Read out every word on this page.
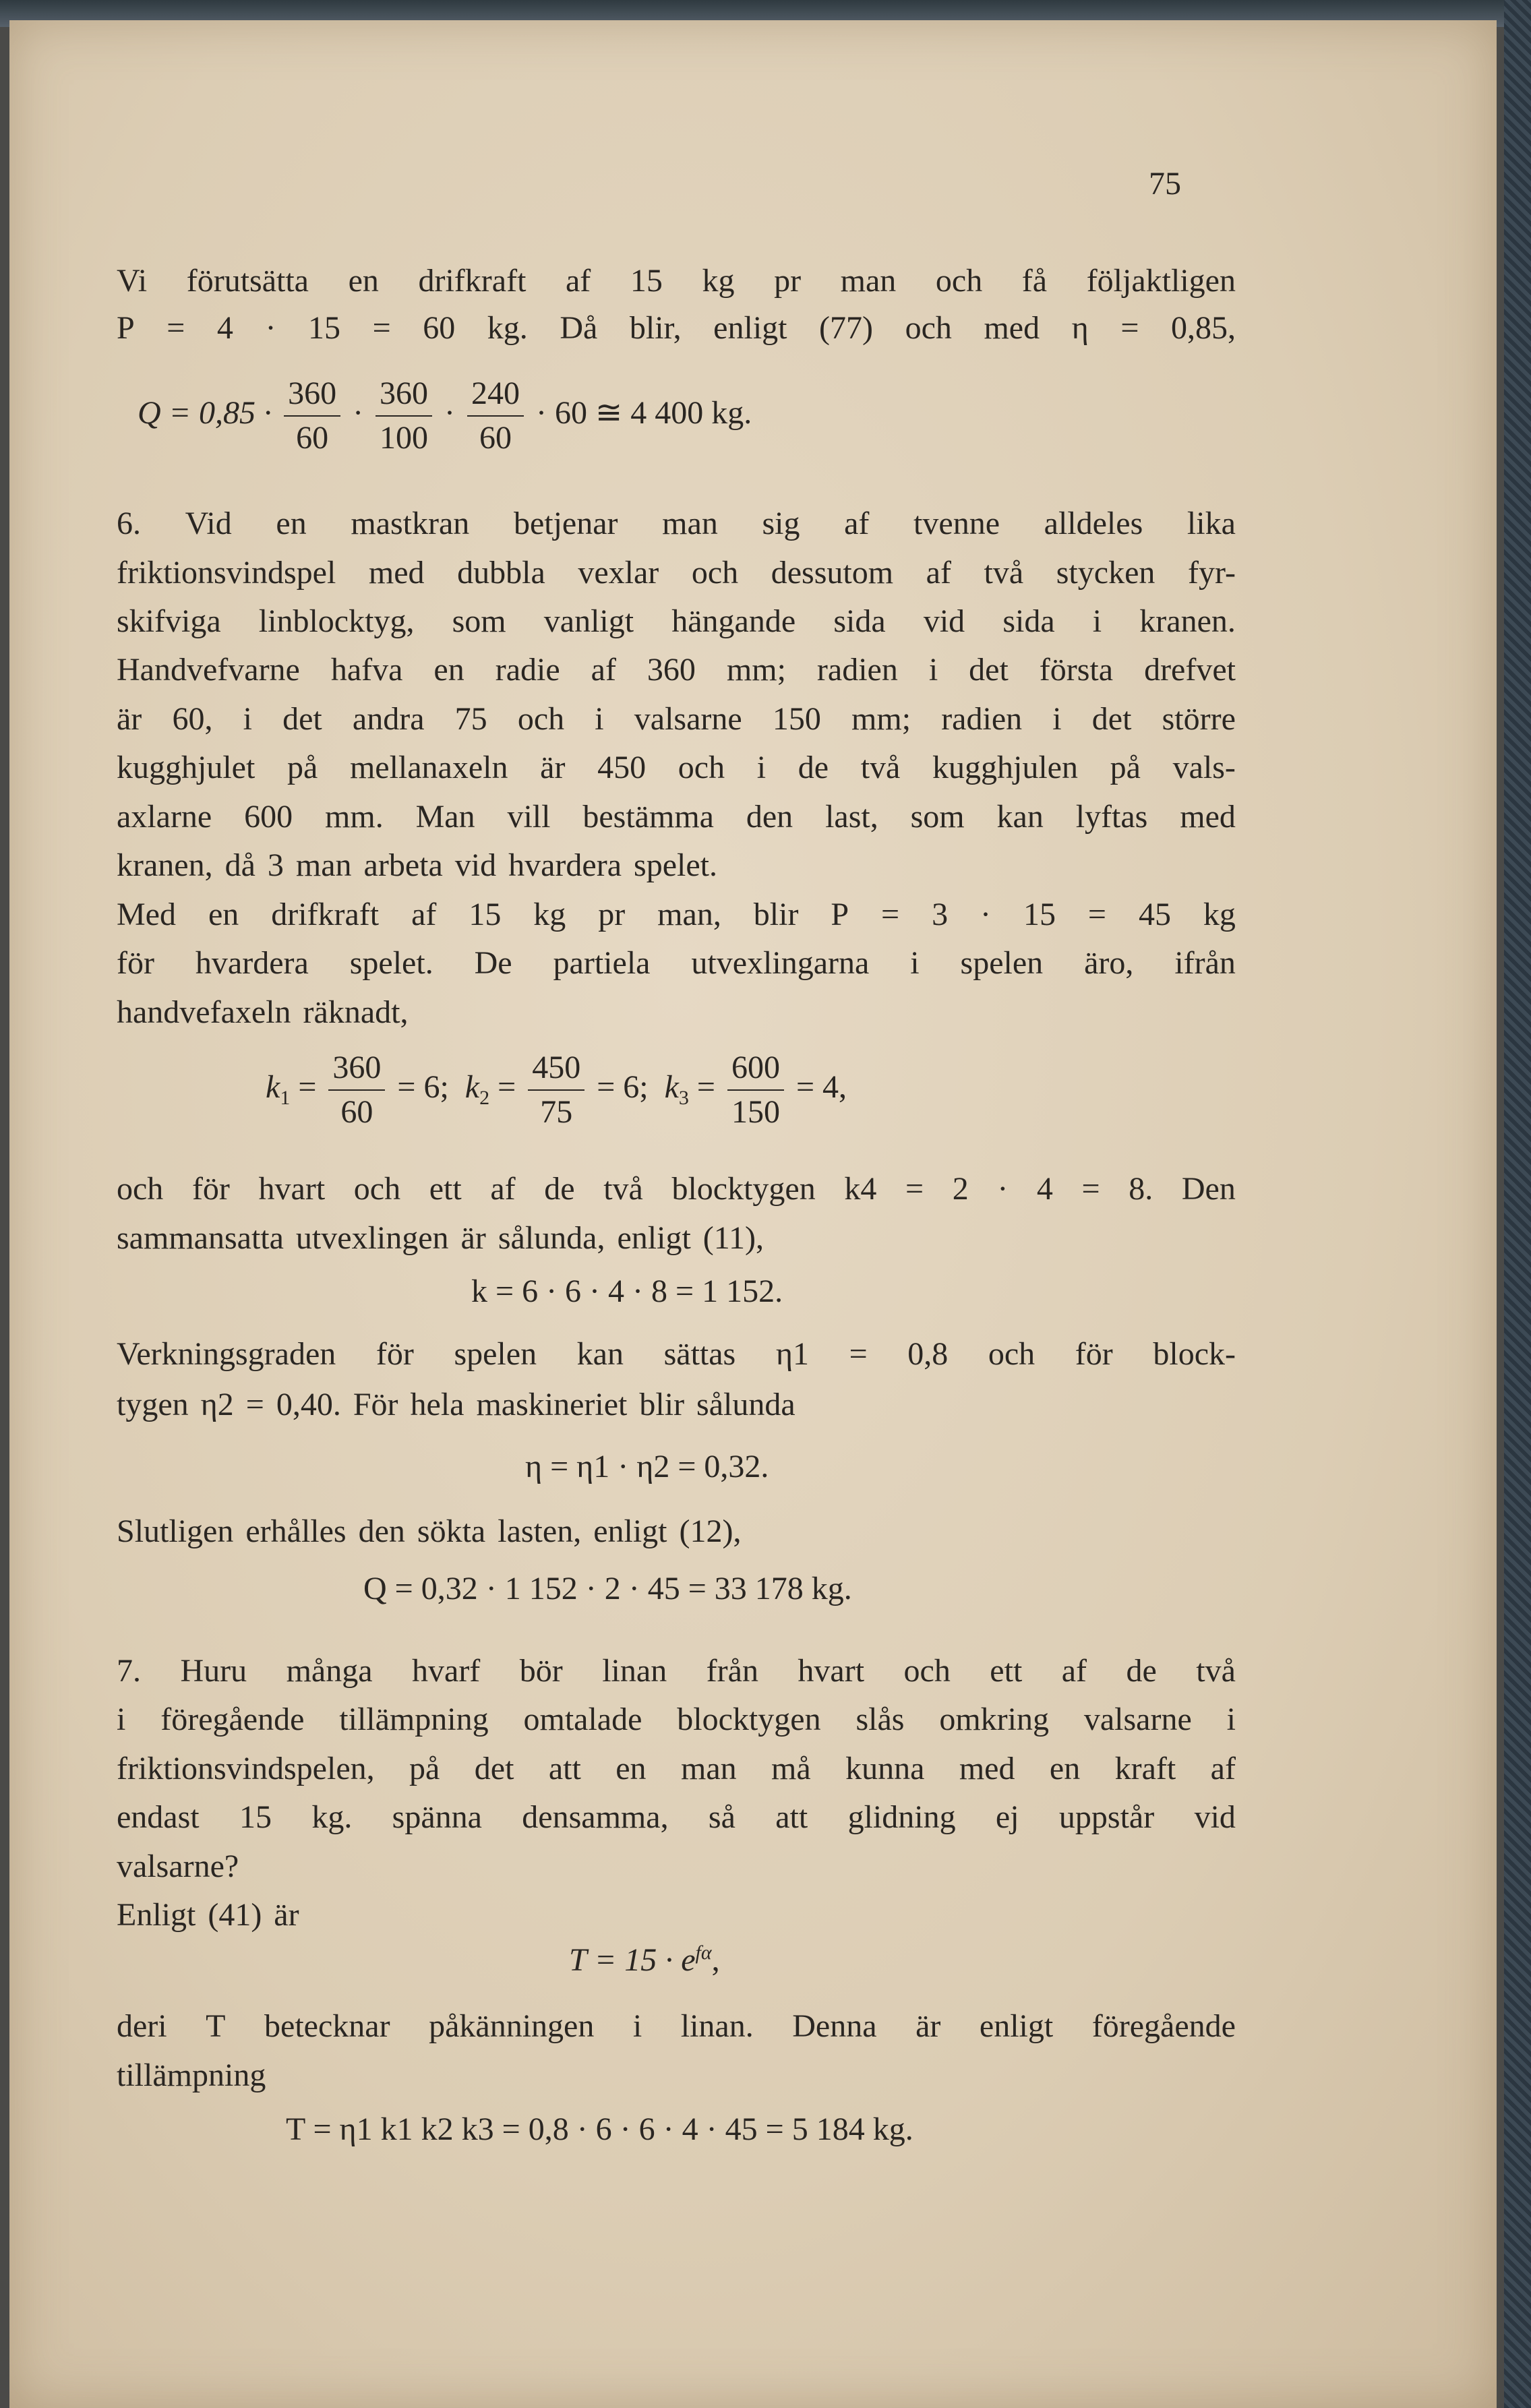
75
Vi förutsätta en drifkraft af 15 kg pr man och få följaktligen
P = 4 · 15 = 60 kg. Då blir, enligt (77) och med η = 0,85,
$Q = 0,85 \cdot \frac{360}{60} \cdot \frac{360}{100} \cdot \frac{240}{60} \cdot 60$ ≅ 4 400 kg.
6. Vid en mastkran betjenar man sig af tvenne alldeles lika
friktionsvindspel med dubbla vexlar och dessutom af två stycken fyr-
skifviga linblocktyg, som vanligt hängande sida vid sida i kranen.
Handvefvarne hafva en radie af 360 mm; radien i det första drefvet
är 60, i det andra 75 och i valsarne 150 mm; radien i det större
kugghjulet på mellanaxeln är 450 och i de två kugghjulen på vals-
axlarne 600 mm. Man vill bestämma den last, som kan lyftas med
kranen, då 3 man arbeta vid hvardera spelet.
Med en drifkraft af 15 kg pr man, blir P = 3 · 15 = 45 kg
för hvardera spelet. De partiela utvexlingarna i spelen äro, ifrån
handvefaxeln räknadt,
$k_1 = \frac{360}{60} = 6$; $k_2 = \frac{450}{75} = 6$; $k_3 = \frac{600}{150} = 4$,
och för hvart och ett af de två blocktygen k4 = 2 · 4 = 8. Den
sammansatta utvexlingen är sålunda, enligt (11),
k = 6 · 6 · 4 · 8 = 1 152.
Verkningsgraden för spelen kan sättas η1 = 0,8 och för block-
tygen η2 = 0,40. För hela maskineriet blir sålunda
η = η1 · η2 = 0,32.
Slutligen erhålles den sökta lasten, enligt (12),
Q = 0,32 · 1 152 · 2 · 45 = 33 178 kg.
7. Huru många hvarf bör linan från hvart och ett af de två
i föregående tillämpning omtalade blocktygen slås omkring valsarne i
friktionsvindspelen, på det att en man må kunna med en kraft af
endast 15 kg. spänna densamma, så att glidning ej uppstår vid
valsarne?
Enligt (41) är
$T = 15 \cdot e^{f\alpha}$,
deri T betecknar påkänningen i linan. Denna är enligt föregående
tillämpning
T = η1 k1 k2 k3 = 0,8 · 6 · 6 · 4 · 45 = 5 184 kg.
